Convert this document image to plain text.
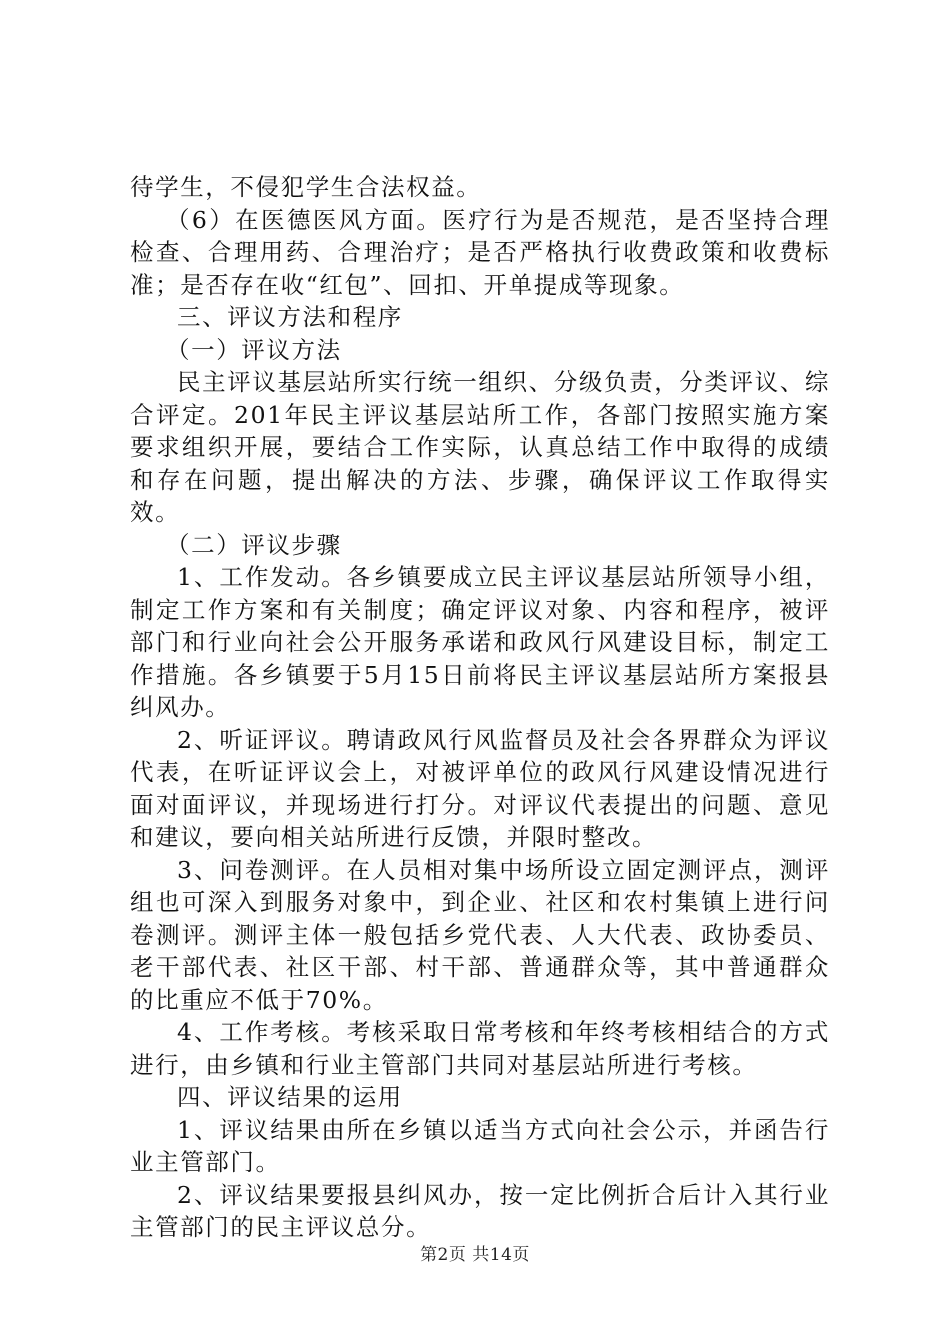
待学生，不侵犯学生合法权益。

（6）在医德医风方面。医疗行为是否规范，是否坚持合理检查、合理用药、合理治疗；是否严格执行收费政策和收费标准；是否存在收“红包”、回扣、开单提成等现象。

三、评议方法和程序

（一）评议方法

民主评议基层站所实行统一组织、分级负责，分类评议、综合评定。201年民主评议基层站所工作，各部门按照实施方案要求组织开展，要结合工作实际，认真总结工作中取得的成绩和存在问题，提出解决的方法、步骤，确保评议工作取得实效。

（二）评议步骤

1、工作发动。各乡镇要成立民主评议基层站所领导小组，制定工作方案和有关制度；确定评议对象、内容和程序，被评部门和行业向社会公开服务承诺和政风行风建设目标，制定工作措施。各乡镇要于5月15日前将民主评议基层站所方案报县纠风办。

2、听证评议。聘请政风行风监督员及社会各界群众为评议代表，在听证评议会上，对被评单位的政风行风建设情况进行面对面评议，并现场进行打分。对评议代表提出的问题、意见和建议，要向相关站所进行反馈，并限时整改。

3、问卷测评。在人员相对集中场所设立固定测评点，测评组也可深入到服务对象中，到企业、社区和农村集镇上进行问卷测评。测评主体一般包括乡党代表、人大代表、政协委员、老干部代表、社区干部、村干部、普通群众等，其中普通群众的比重应不低于70%。

4、工作考核。考核采取日常考核和年终考核相结合的方式进行，由乡镇和行业主管部门共同对基层站所进行考核。

四、评议结果的运用

1、评议结果由所在乡镇以适当方式向社会公示，并函告行业主管部门。

2、评议结果要报县纠风办，按一定比例折合后计入其行业主管部门的民主评议总分。

第2页 共14页
